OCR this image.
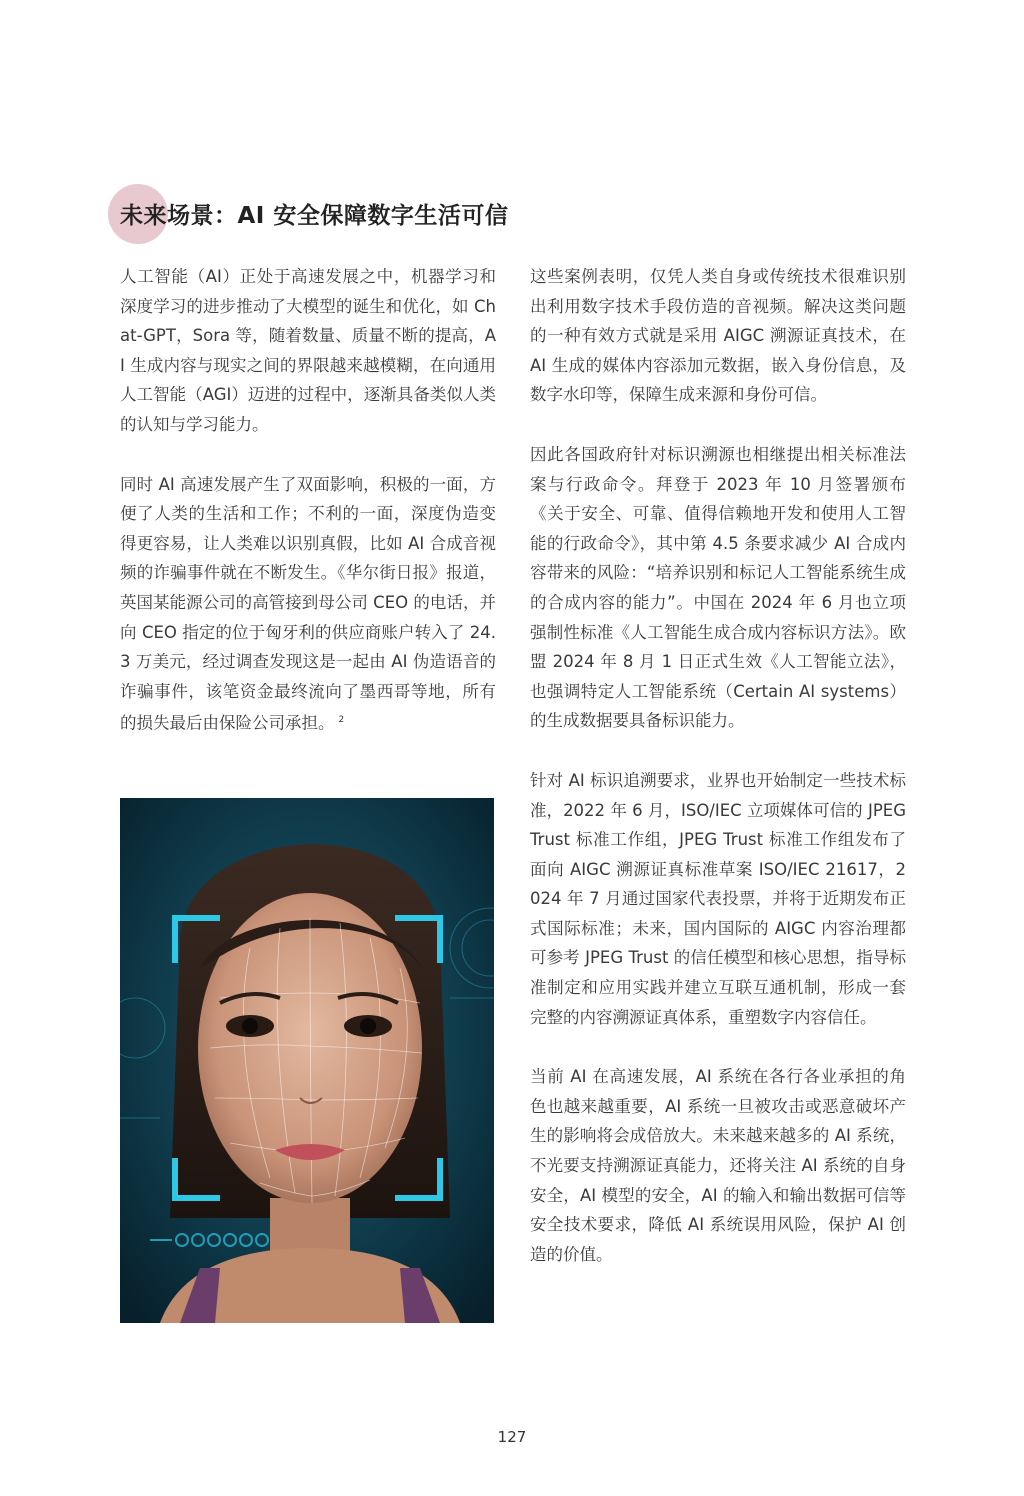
未来场景：AI 安全保障数字生活可信

人工智能（AI）正处于高速发展之中，机器学习和深度学习的进步推动了大模型的诞生和优化，如 Chat-GPT，Sora 等，随着数量、质量不断的提高，AI 生成内容与现实之间的界限越来越模糊，在向通用人工智能（AGI）迈进的过程中，逐渐具备类似人类的认知与学习能力。

同时 AI 高速发展产生了双面影响，积极的一面，方便了人类的生活和工作；不利的一面，深度伪造变得更容易，让人类难以识别真假，比如 AI 合成音视频的诈骗事件就在不断发生。《华尔街日报》报道，英国某能源公司的高管接到母公司 CEO 的电话，并向 CEO 指定的位于匈牙利的供应商账户转入了 24.3 万美元，经过调查发现这是一起由 AI 伪造语音的诈骗事件，该笔资金最终流向了墨西哥等地，所有的损失最后由保险公司承担。 $^2$

这些案例表明，仅凭人类自身或传统技术很难识别出利用数字技术手段仿造的音视频。解决这类问题的一种有效方式就是采用 AIGC 溯源证真技术，在 AI 生成的媒体内容添加元数据，嵌入身份信息，及数字水印等，保障生成来源和身份可信。

因此各国政府针对标识溯源也相继提出相关标准法案与行政命令。拜登于 2023 年 10 月签署颁布《关于安全、可靠、值得信赖地开发和使用人工智能的行政命令》，其中第 4.5 条要求减少 AI 合成内容带来的风险：“培养识别和标记人工智能系统生成的合成内容的能力”。中国在 2024 年 6 月也立项强制性标准《人工智能生成合成内容标识方法》。欧盟 2024 年 8 月 1 日正式生效《人工智能立法》，也强调特定人工智能系统（Certain AI systems）的生成数据要具备标识能力。

针对 AI 标识追溯要求，业界也开始制定一些技术标准，2022 年 6 月，ISO/IEC 立项媒体可信的 JPEG Trust 标准工作组，JPEG Trust 标准工作组发布了面向 AIGC 溯源证真标准草案 ISO/IEC 21617，2024 年 7 月通过国家代表投票，并将于近期发布正式国际标准；未来，国内国际的 AIGC 内容治理都可参考 JPEG Trust 的信任模型和核心思想，指导标准制定和应用实践并建立互联互通机制，形成一套完整的内容溯源证真体系，重塑数字内容信任。

当前 AI 在高速发展，AI 系统在各行各业承担的角色也越来越重要，AI 系统一旦被攻击或恶意破坏产生的影响将会成倍放大。未来越来越多的 AI 系统，不光要支持溯源证真能力，还将关注 AI 系统的自身安全，AI 模型的安全，AI 的输入和输出数据可信等安全技术要求，降低 AI 系统误用风险，保护 AI 创造的价值。

127
